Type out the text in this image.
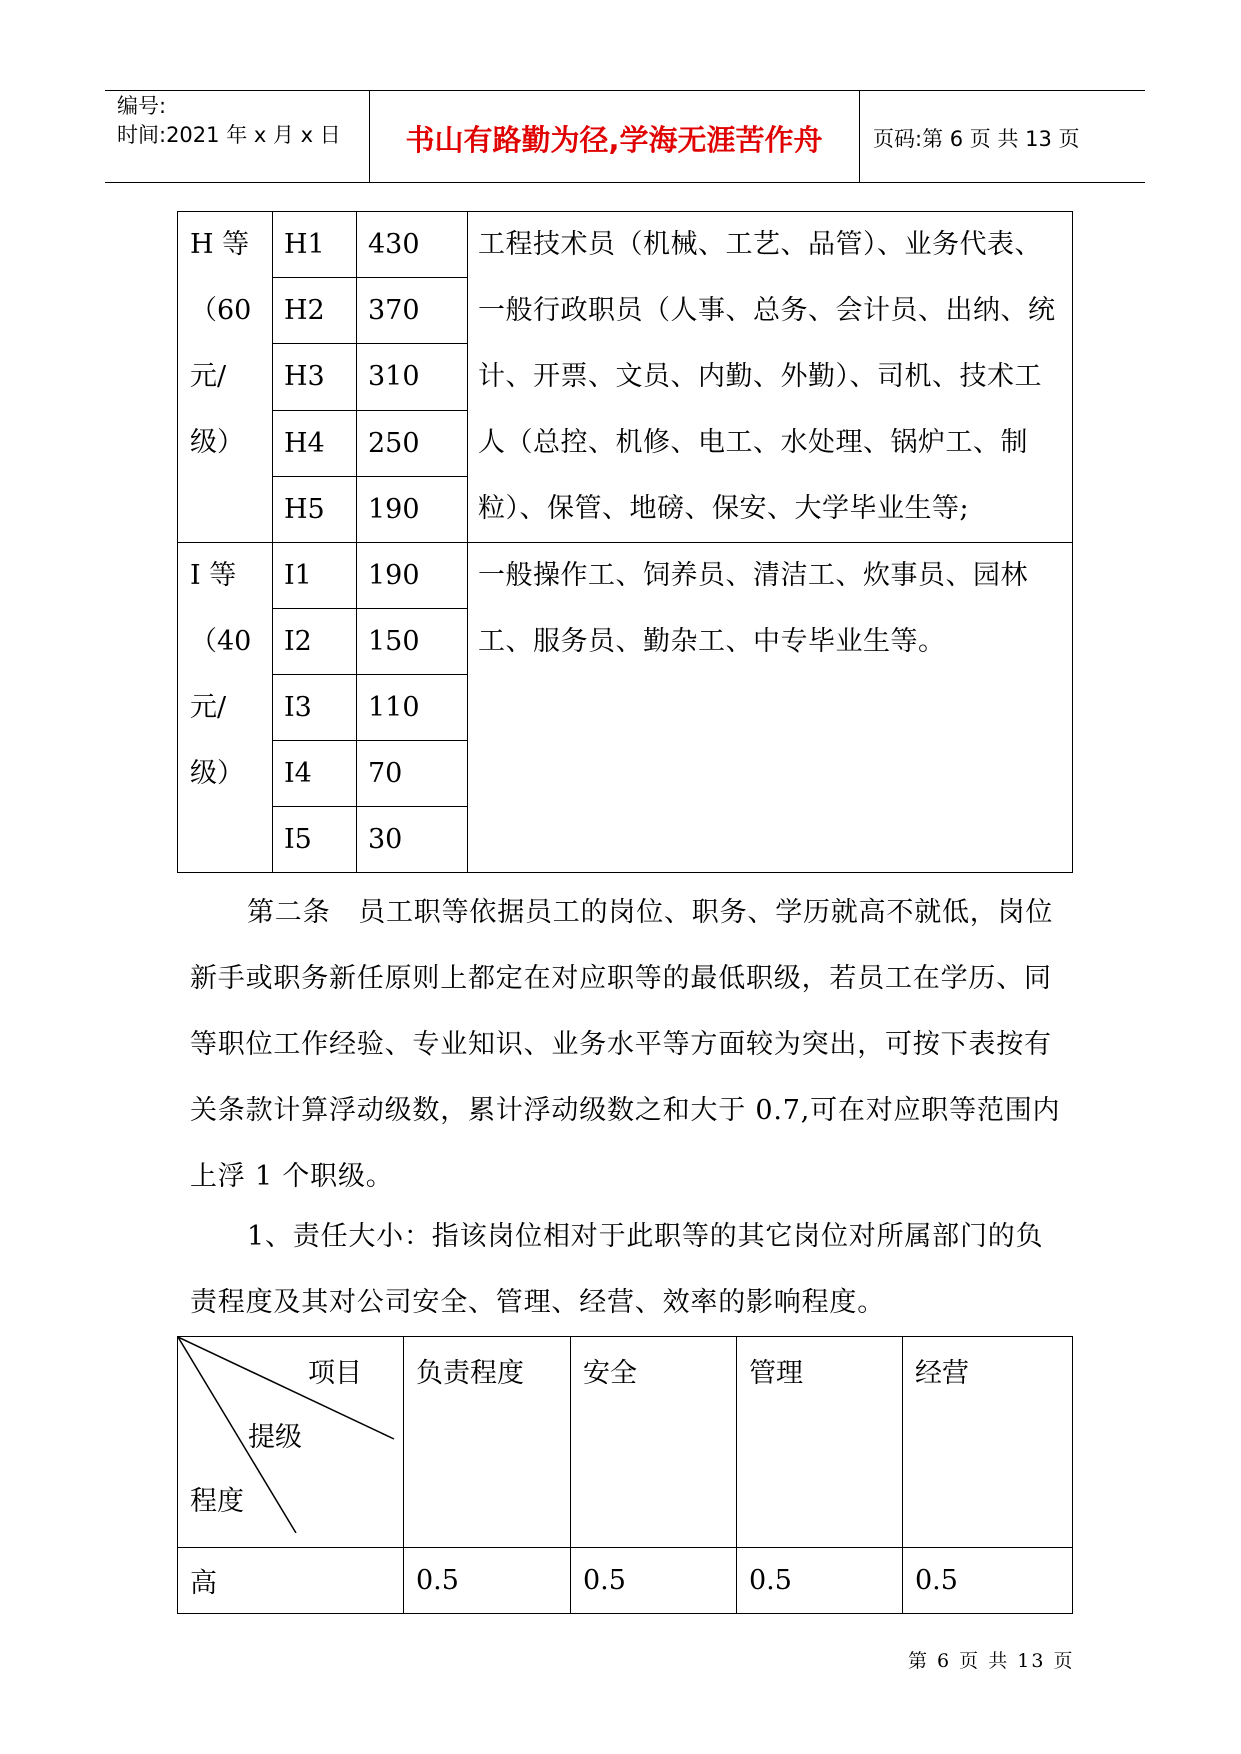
编号:
时间:2021 年 x 月 x 日	书山有路勤为径,学海无涯苦作舟	页码:第 6 页 共 13 页
H 等（60元/级）	H1	430	工程技术员（机械、工艺、品管）、业务代表、一般行政职员（人事、总务、会计员、出纳、统计、开票、文员、内勤、外勤）、司机、技术工人（总控、机修、电工、水处理、锅炉工、制粒）、保管、地磅、保安、大学毕业生等;
	H2	370	
	H3	310	
	H4	250	
	H5	190	
I 等（40元/级）	I1	190	一般操作工、饲养员、清洁工、炊事员、园林工、服务员、勤杂工、中专毕业生等。
	I2	150	
	I3	110	
	I4	70	
	I5	30	
第二条　员工职等依据员工的岗位、职务、学历就高不就低，岗位新手或职务新任原则上都定在对应职等的最低职级，若员工在学历、同等职位工作经验、专业知识、业务水平等方面较为突出，可按下表按有关条款计算浮动级数，累计浮动级数之和大于 0.7,可在对应职等范围内上浮 1 个职级。
1、责任大小：指该岗位相对于此职等的其它岗位对所属部门的负责程度及其对公司安全、管理、经营、效率的影响程度。
项目
提级
程度	负责程度	安全	管理	经营
高	0.5	0.5	0.5	0.5
第 6 页 共 13 页
